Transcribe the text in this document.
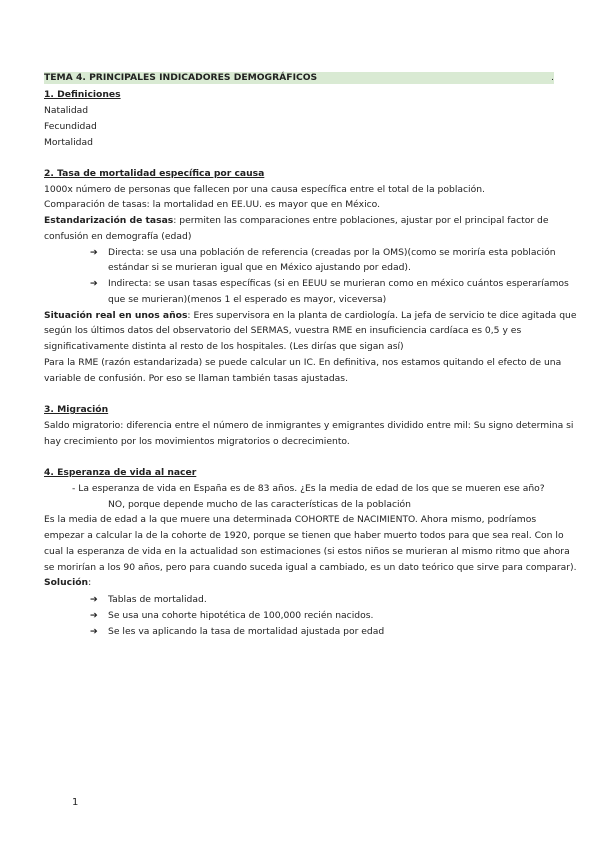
TEMA 4. PRINCIPALES INDICADORES DEMOGRÁFICOS	.
1. Definiciones
Natalidad
Fecundidad
Mortalidad
2. Tasa de mortalidad específica por causa
1000x número de personas que fallecen por una causa específica entre el total de la población.
Comparación de tasas: la mortalidad en EE.UU. es mayor que en México.
Estandarización de tasas: permiten las comparaciones entre poblaciones, ajustar por el principal factor de
confusión en demografía (edad)
➔ Directa: se usa una población de referencia (creadas por la OMS)(como se moriría esta población
estándar si se murieran igual que en México ajustando por edad).
➔ Indirecta: se usan tasas específicas (si en EEUU se murieran como en méxico cuántos esperaríamos
que se murieran)(menos 1 el esperado es mayor, viceversa)
Situación real en unos años: Eres supervisora en la planta de cardiología. La jefa de servicio te dice agitada que
según los últimos datos del observatorio del SERMAS, vuestra RME en insuficiencia cardíaca es 0,5 y es
significativamente distinta al resto de los hospitales. (Les dirías que sigan así)
Para la RME (razón estandarizada) se puede calcular un IC. En definitiva, nos estamos quitando el efecto de una
variable de confusión. Por eso se llaman también tasas ajustadas.
3. Migración
Saldo migratorio: diferencia entre el número de inmigrantes y emigrantes dividido entre mil: Su signo determina si
hay crecimiento por los movimientos migratorios o decrecimiento.
4. Esperanza de vida al nacer
- La esperanza de vida en España es de 83 años. ¿Es la media de edad de los que se mueren ese año?
NO, porque depende mucho de las características de la población
Es la media de edad a la que muere una determinada COHORTE de NACIMIENTO. Ahora mismo, podríamos
empezar a calcular la de la cohorte de 1920, porque se tienen que haber muerto todos para que sea real. Con lo
cual la esperanza de vida en la actualidad son estimaciones (si estos niños se murieran al mismo ritmo que ahora
se morirían a los 90 años, pero para cuando suceda igual a cambiado, es un dato teórico que sirve para comparar).
Solución:
➔ Tablas de mortalidad.
➔ Se usa una cohorte hipotética de 100,000 recién nacidos.
➔ Se les va aplicando la tasa de mortalidad ajustada por edad
1
